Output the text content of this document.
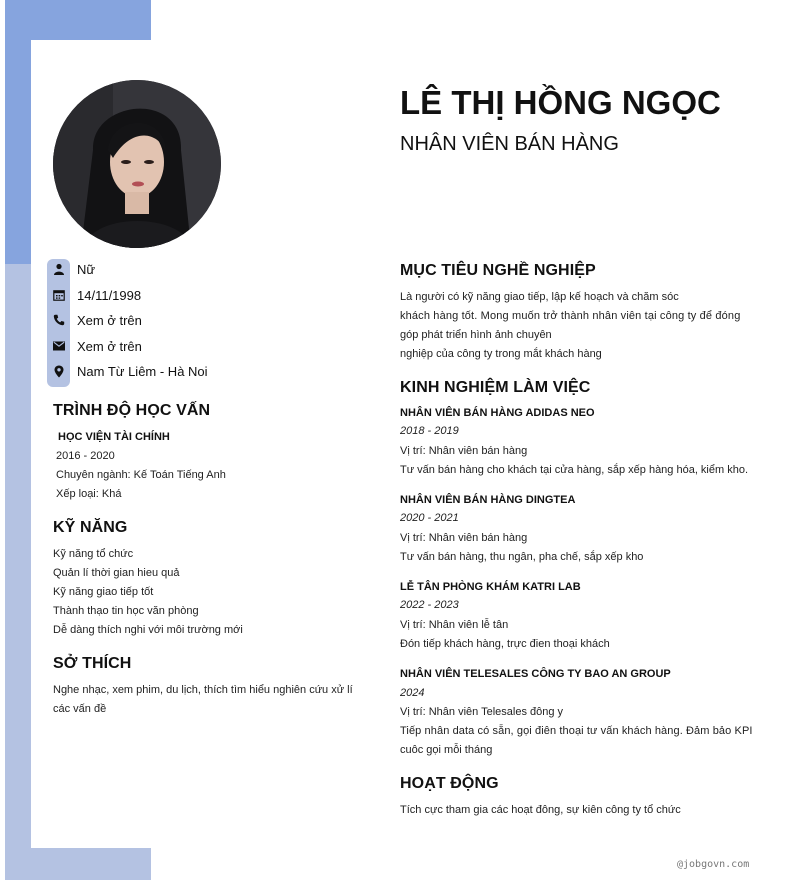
Nữ
14/11/1998
Xem ở trên
Xem ở trên
Nam Từ Liêm - Hà Noi
TRÌNH ĐỘ HỌC VẤN
HỌC VIỆN TÀI CHÍNH
2016 - 2020
Chuyên ngành: Kế Toán Tiếng Anh
Xếp loại: Khá
KỸ NĂNG
Kỹ năng tổ chức
Quản lí thời gian hieu quả
Kỹ năng giao tiếp tốt
Thành thạo tin học văn phòng
Dễ dàng thích nghi với môi trường mới
SỞ THÍCH
Nghe nhạc, xem phim, du lịch, thích tìm hiểu nghiên cứu xử lí
các vấn đề
LÊ THỊ HỒNG NGỌC
NHÂN VIÊN BÁN HÀNG
MỤC TIÊU NGHỀ NGHIỆP
Là người có kỹ năng giao tiếp, lập kế hoạch và chăm sóc
khách hàng tốt. Mong muốn trở thành nhân viên tại công ty để đóng
góp phát triển hình ảnh chuyên
nghiệp của công ty trong mắt khách hàng
KINH NGHIỆM LÀM VIỆC
NHÂN VIÊN BÁN HÀNG ADIDAS NEO
2018 - 2019
Vị trí: Nhân viên bán hàng
Tư vấn bán hàng cho khách tại cửa hàng, sắp xếp hàng hóa, kiểm kho.
NHÂN VIÊN BÁN HÀNG DINGTEA
2020 - 2021
Vị trí: Nhân viên bán hàng
Tư vấn bán hàng, thu ngân, pha chế, sắp xếp kho
LỄ TÂN PHÒNG KHÁM KATRI LAB
2022 - 2023
Vị trí: Nhân viên lễ tân
Đón tiếp khách hàng, trực đien thoại khách
NHÂN VIÊN TELESALES CÔNG TY BAO AN GROUP
2024
Vị trí: Nhân viên Telesales đông y
Tiếp nhân data có sẵn, gọi điên thoại tư vấn khách hàng. Đảm bảo KPI
cuôc gọi mỗi tháng
HOẠT ĐỘNG
Tích cực tham gia các hoạt đông, sự kiên công ty tổ chức
@jobgovn.com
